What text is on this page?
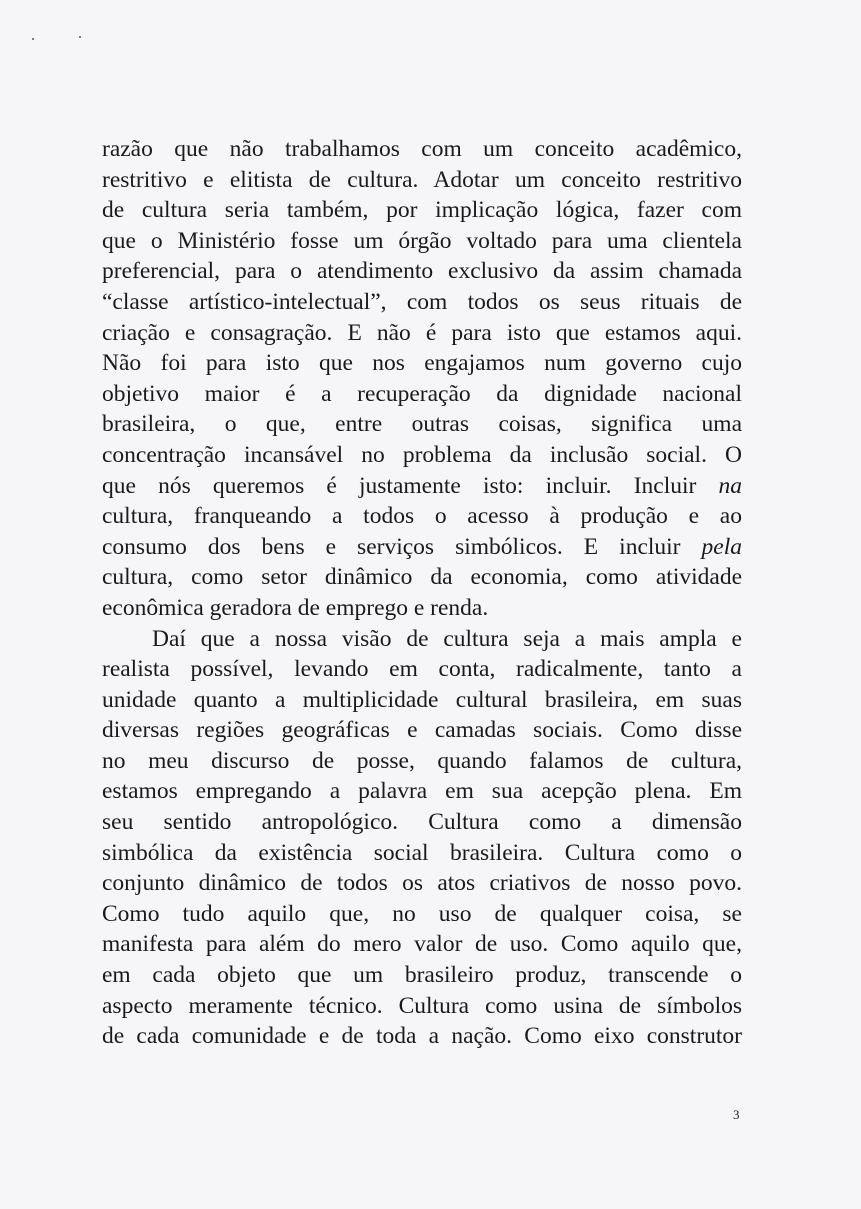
razão que não trabalhamos com um conceito acadêmico,
restritivo e elitista de cultura. Adotar um conceito restritivo
de cultura seria também, por implicação lógica, fazer com
que o Ministério fosse um órgão voltado para uma clientela
preferencial, para o atendimento exclusivo da assim chamada
“classe artístico-intelectual”, com todos os seus rituais de
criação e consagração. E não é para isto que estamos aqui.
Não foi para isto que nos engajamos num governo cujo
objetivo maior é a recuperação da dignidade nacional
brasileira, o que, entre outras coisas, significa uma
concentração incansável no problema da inclusão social. O
que nós queremos é justamente isto: incluir. Incluir na
cultura, franqueando a todos o acesso à produção e ao
consumo dos bens e serviços simbólicos. E incluir pela
cultura, como setor dinâmico da economia, como atividade
econômica geradora de emprego e renda.
Daí que a nossa visão de cultura seja a mais ampla e
realista possível, levando em conta, radicalmente, tanto a
unidade quanto a multiplicidade cultural brasileira, em suas
diversas regiões geográficas e camadas sociais. Como disse
no meu discurso de posse, quando falamos de cultura,
estamos empregando a palavra em sua acepção plena. Em
seu sentido antropológico. Cultura como a dimensão
simbólica da existência social brasileira. Cultura como o
conjunto dinâmico de todos os atos criativos de nosso povo.
Como tudo aquilo que, no uso de qualquer coisa, se
manifesta para além do mero valor de uso. Como aquilo que,
em cada objeto que um brasileiro produz, transcende o
aspecto meramente técnico. Cultura como usina de símbolos
de cada comunidade e de toda a nação. Como eixo construtor
3
